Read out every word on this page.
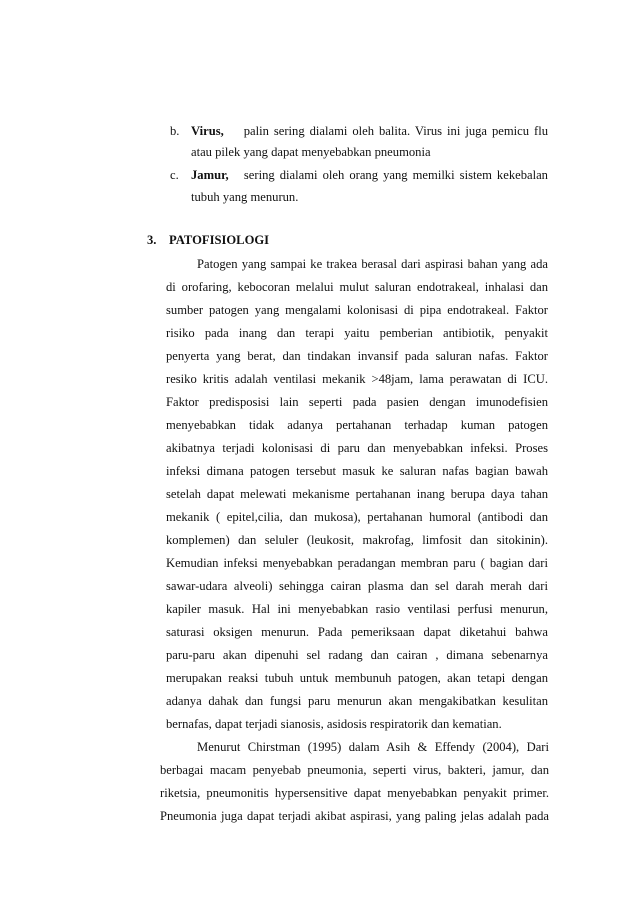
b. Virus, palin sering dialami oleh balita. Virus ini juga pemicu flu
atau pilek yang dapat menyebabkan pneumonia
c. Jamur, sering dialami oleh orang yang memilki sistem kekebalan
tubuh yang menurun.
3. PATOFISIOLOGI
Patogen yang sampai ke trakea berasal dari aspirasi bahan yang ada
di orofaring, kebocoran melalui mulut saluran endotrakeal, inhalasi dan
sumber patogen yang mengalami kolonisasi di pipa endotrakeal. Faktor
risiko pada inang dan terapi yaitu pemberian antibiotik, penyakit
penyerta yang berat, dan tindakan invansif pada saluran nafas. Faktor
resiko kritis adalah ventilasi mekanik >48jam, lama perawatan di ICU.
Faktor predisposisi lain seperti pada pasien dengan imunodefisien
menyebabkan tidak adanya pertahanan terhadap kuman patogen
akibatnya terjadi kolonisasi di paru dan menyebabkan infeksi. Proses
infeksi dimana patogen tersebut masuk ke saluran nafas bagian bawah
setelah dapat melewati mekanisme pertahanan inang berupa daya tahan
mekanik ( epitel,cilia, dan mukosa), pertahanan humoral (antibodi dan
komplemen) dan seluler (leukosit, makrofag, limfosit dan sitokinin).
Kemudian infeksi menyebabkan peradangan membran paru ( bagian dari
sawar-udara alveoli) sehingga cairan plasma dan sel darah merah dari
kapiler masuk. Hal ini menyebabkan rasio ventilasi perfusi menurun,
saturasi oksigen menurun. Pada pemeriksaan dapat diketahui bahwa
paru-paru akan dipenuhi sel radang dan cairan , dimana sebenarnya
merupakan reaksi tubuh untuk membunuh patogen, akan tetapi dengan
adanya dahak dan fungsi paru menurun akan mengakibatkan kesulitan
bernafas, dapat terjadi sianosis, asidosis respiratorik dan kematian.
Menurut Chirstman (1995) dalam Asih & Effendy (2004), Dari
berbagai macam penyebab pneumonia, seperti virus, bakteri, jamur, dan
riketsia, pneumonitis hypersensitive dapat menyebabkan penyakit primer.
Pneumonia juga dapat terjadi akibat aspirasi, yang paling jelas adalah pada
